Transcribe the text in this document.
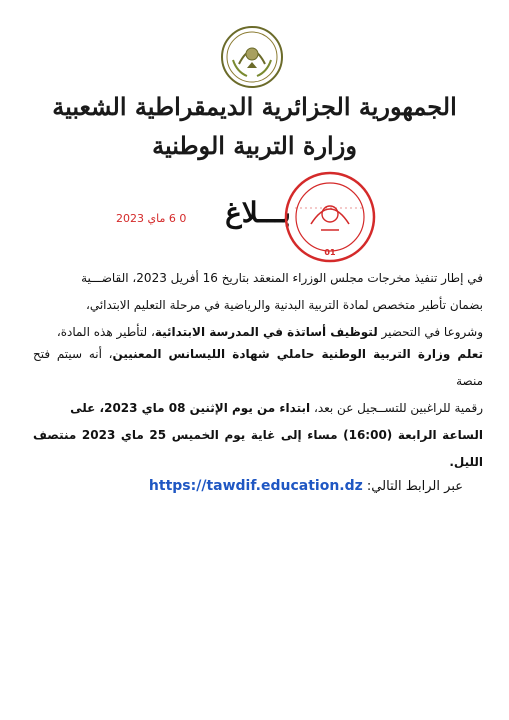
الجمهورية الجزائرية الديمقراطية الشعبية
وزارة التربية الوطنية
0 6 ماي 2023	بـــلاغ
01
في إطار تنفيذ مخرجات مجلس الوزراء المنعقد بتاريخ 16 أفريل 2023، القاضـــية
بضمان تأطير متخصص لمادة التربية البدنية والرياضية في مرحلة التعليم الابتدائي،
وشروعا في التحضير لتوظيف أساتذة في المدرسة الابتدائية، لتأطير هذه المادة،
تعلم وزارة التربية الوطنية حاملي شهادة الليسانس المعنيين، أنه سيتم فتح منصة
رقمية للراغبين للتســجيل عن بعد، ابتداء من يوم الإثنين 08 ماي 2023، على
الساعة الرابعة (16:00) مساء إلى غاية يوم الخميس 25 ماي 2023 منتصف الليل.
عبر الرابط التالي: https://tawdif.education.dz
